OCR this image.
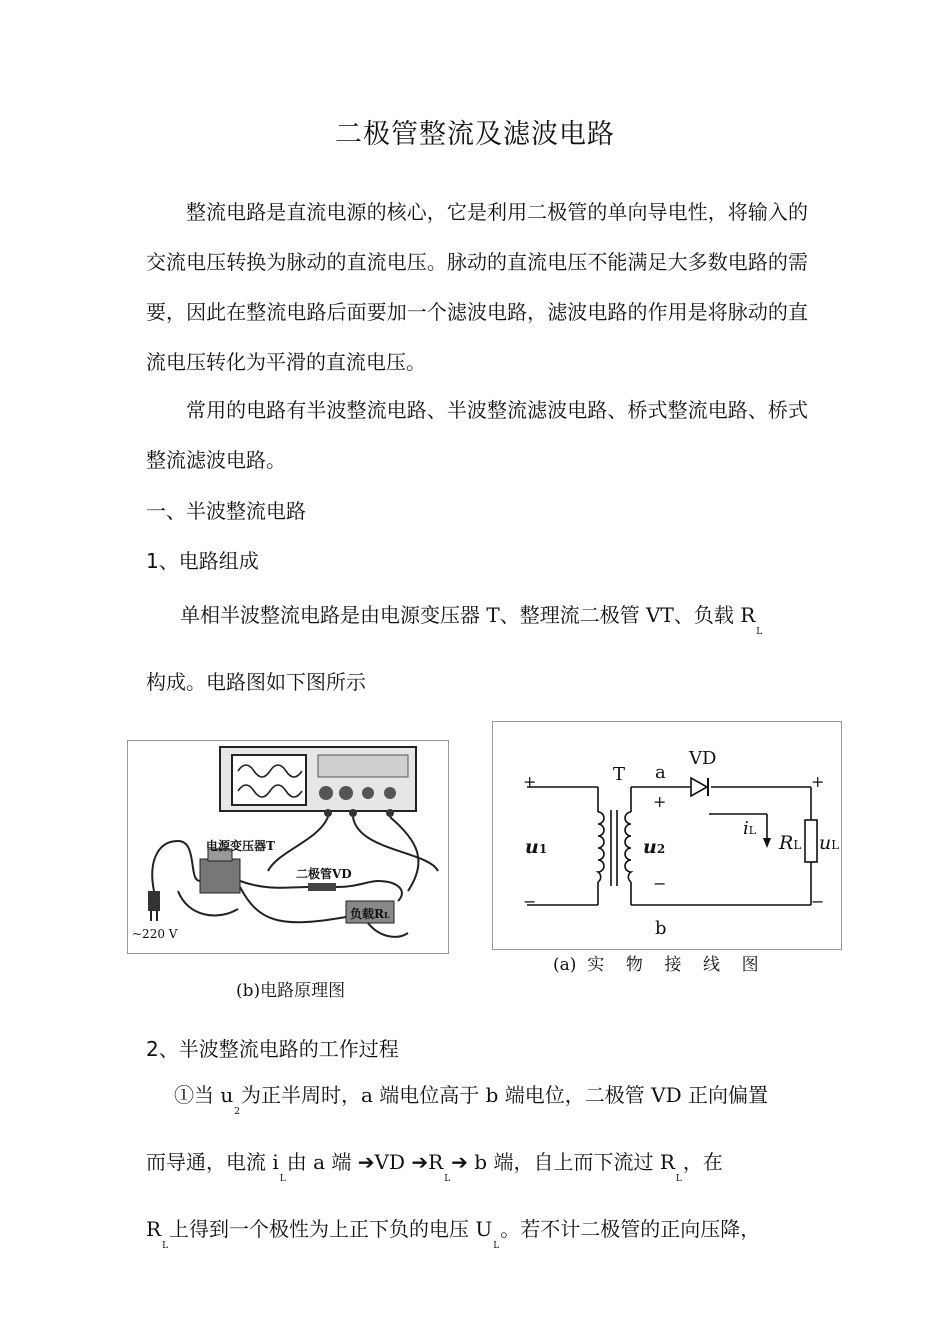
二极管整流及滤波电路
整流电路是直流电源的核心，它是利用二极管的单向导电性，将输入的交流电压转换为脉动的直流电压。脉动的直流电压不能满足大多数电路的需要，因此在整流电路后面要加一个滤波电路，滤波电路的作用是将脉动的直流电压转化为平滑的直流电压。
常用的电路有半波整流电路、半波整流滤波电路、桥式整流电路、桥式整流滤波电路。
一、半波整流电路
1、电路组成
单相半波整流电路是由电源变压器 T、整理流二极管 VT、负载 $R_L$
构成。电路图如下图所示
电源变压器T
二极管VD
负载RL
~220 V
(b)电路原理图
T a
b
VD
+
−
+
−
+
−
u1	u2
iL
RL uL
(a)  实    物    接    线    图
2、半波整流电路的工作过程
①当 $u_2$为正半周时，a 端电位高于 b 端电位，二极管 VD 正向偏置
而导通，电流 $i_L$由 a 端 ➔VD $➔R_L➔$ b 端，自上而下流过 $R_L$，在
$R_L$上得到一个极性为上正下负的电压 $U_L$。若不计二极管的正向压降，
